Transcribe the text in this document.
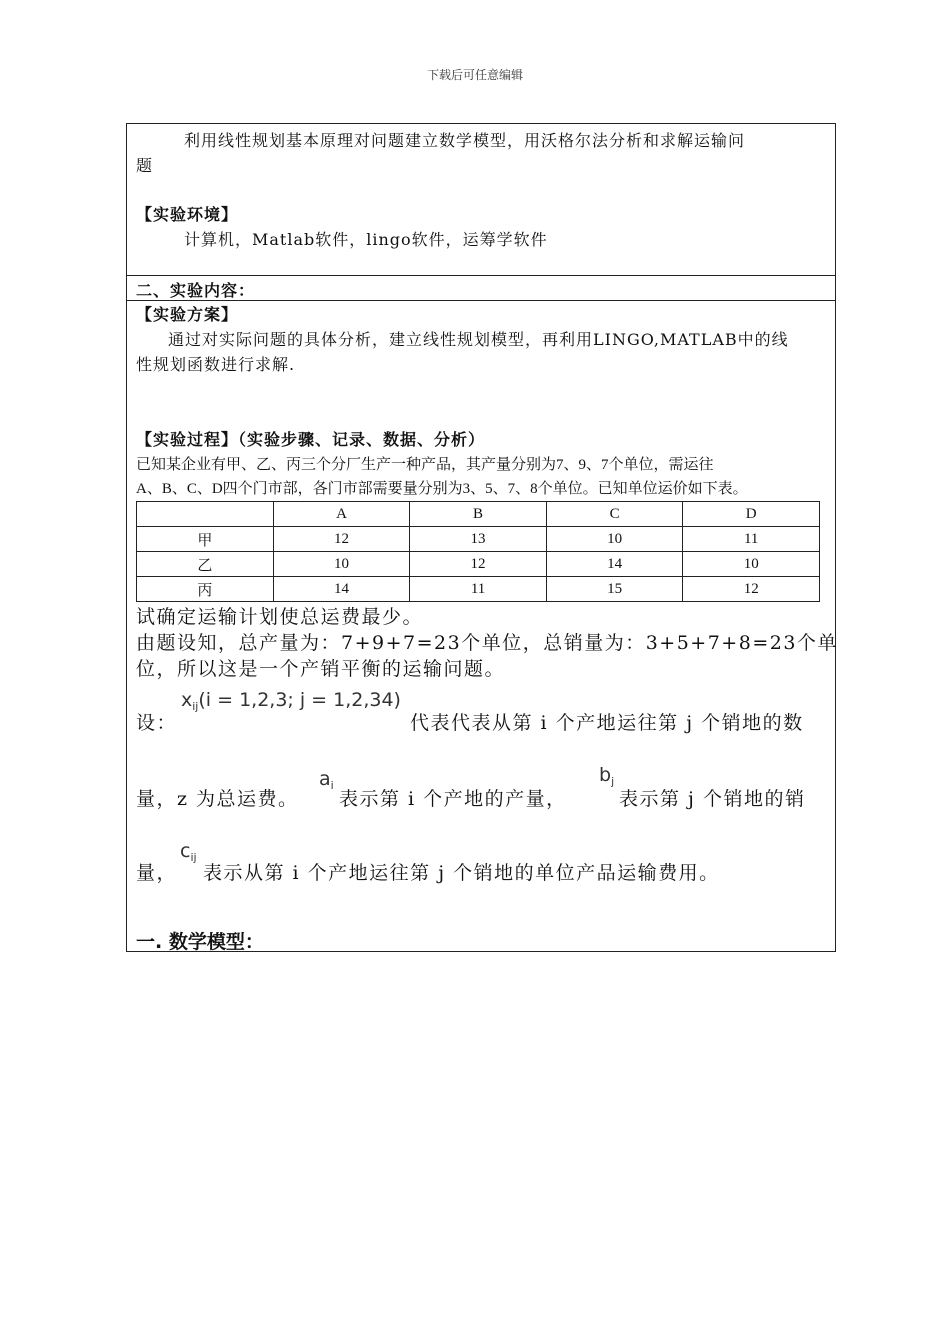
下载后可任意编辑
利用线性规划基本原理对问题建立数学模型，用沃格尔法分析和求解运输问
题
【实验环境】
计算机，Matlab软件，lingo软件，运筹学软件
二、实验内容：
【实验方案】
通过对实际问题的具体分析，建立线性规划模型，再利用LINGO,MATLAB中的线
性规划函数进行求解.
【实验过程】（实验步骤、记录、数据、分析）
已知某企业有甲、乙、丙三个分厂生产一种产品，其产量分别为7、9、7个单位，需运往
A、B、C、D四个门市部，各门市部需要量分别为3、5、7、8个单位。已知单位运价如下表。
	A	B	C	D
甲	12	13	10	11
乙	10	12	14	10
丙	14	11	15	12
试确定运输计划使总运费最少。
由题设知，总产量为：7+9+7=23个单位，总销量为：3+5+7+8=23个单
位，所以这是一个产销平衡的运输问题。
设：
$x_{ij}(i = 1,2,3$; j = 1,2,34)
代表代表从第 i 个产地运往第 j 个销地的数
量，z 为总运费。
$a_i$
表示第 i 个产地的产量，
$b_j$
表示第 j 个销地的销
量，
$c_{ij}$
表示从第 i 个产地运往第 j 个销地的单位产品运输费用。
一. 数学模型：
